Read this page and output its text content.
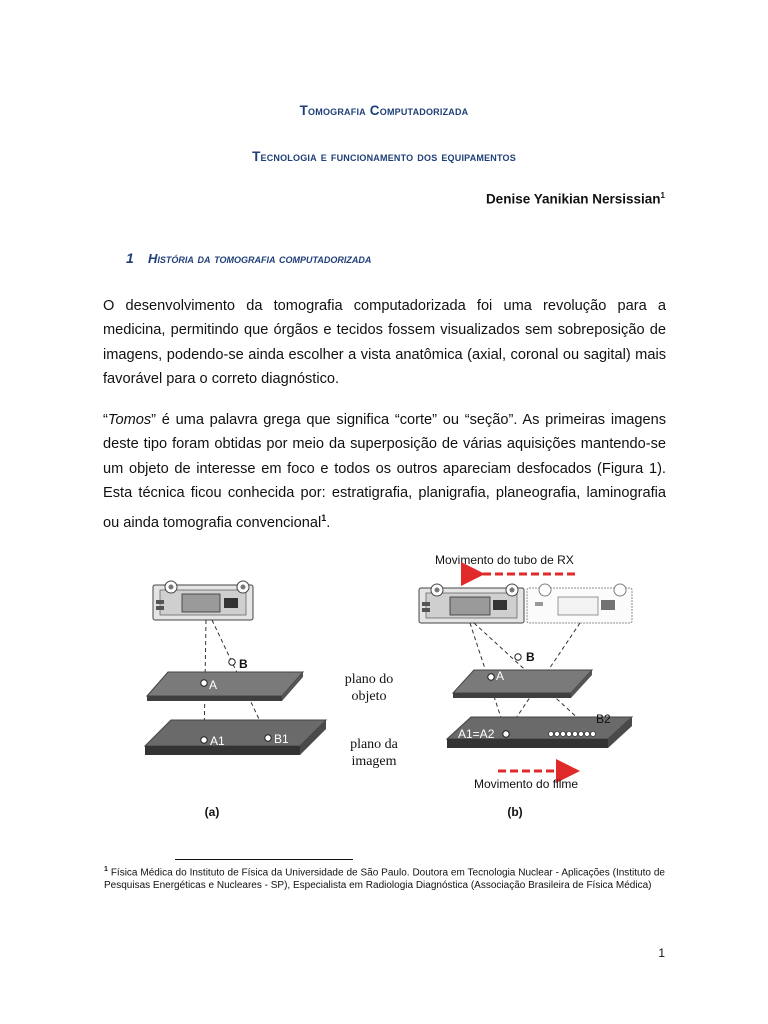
Tomografia Computadorizada
Tecnologia e funcionamento dos equipamentos
Denise Yanikian Nersissian$^1$
1 História da tomografia computadorizada

O desenvolvimento da tomografia computadorizada foi uma revolução para a medicina, permitindo que órgãos e tecidos fossem visualizados sem sobreposição de imagens, podendo-se ainda escolher a vista anatômica (axial, coronal ou sagital) mais favorável para o correto diagnóstico.

“Tomos” é uma palavra grega que significa “corte” ou “seção”. As primeiras imagens deste tipo foram obtidas por meio da superposição de várias aquisições mantendo-se um objeto de interesse em foco e todos os outros apareciam desfocados (Figura 1). Esta técnica ficou conhecida por: estratigrafia, planigrafia, planeografia, laminografia ou ainda tomografia convencional$^1$.

A
B
A1	B1
plano do
objeto
plano da
imagem
Movimento do tubo de RX
A
B
A1=A2
B2
Movimento do filme
(a)	(b)
$^1$ Física Médica do Instituto de Física da Universidade de São Paulo. Doutora em Tecnologia Nuclear - Aplicações (Instituto de Pesquisas Energéticas e Nucleares - SP), Especialista em Radiologia Diagnóstica (Associação Brasileira de Física Médica)
1
